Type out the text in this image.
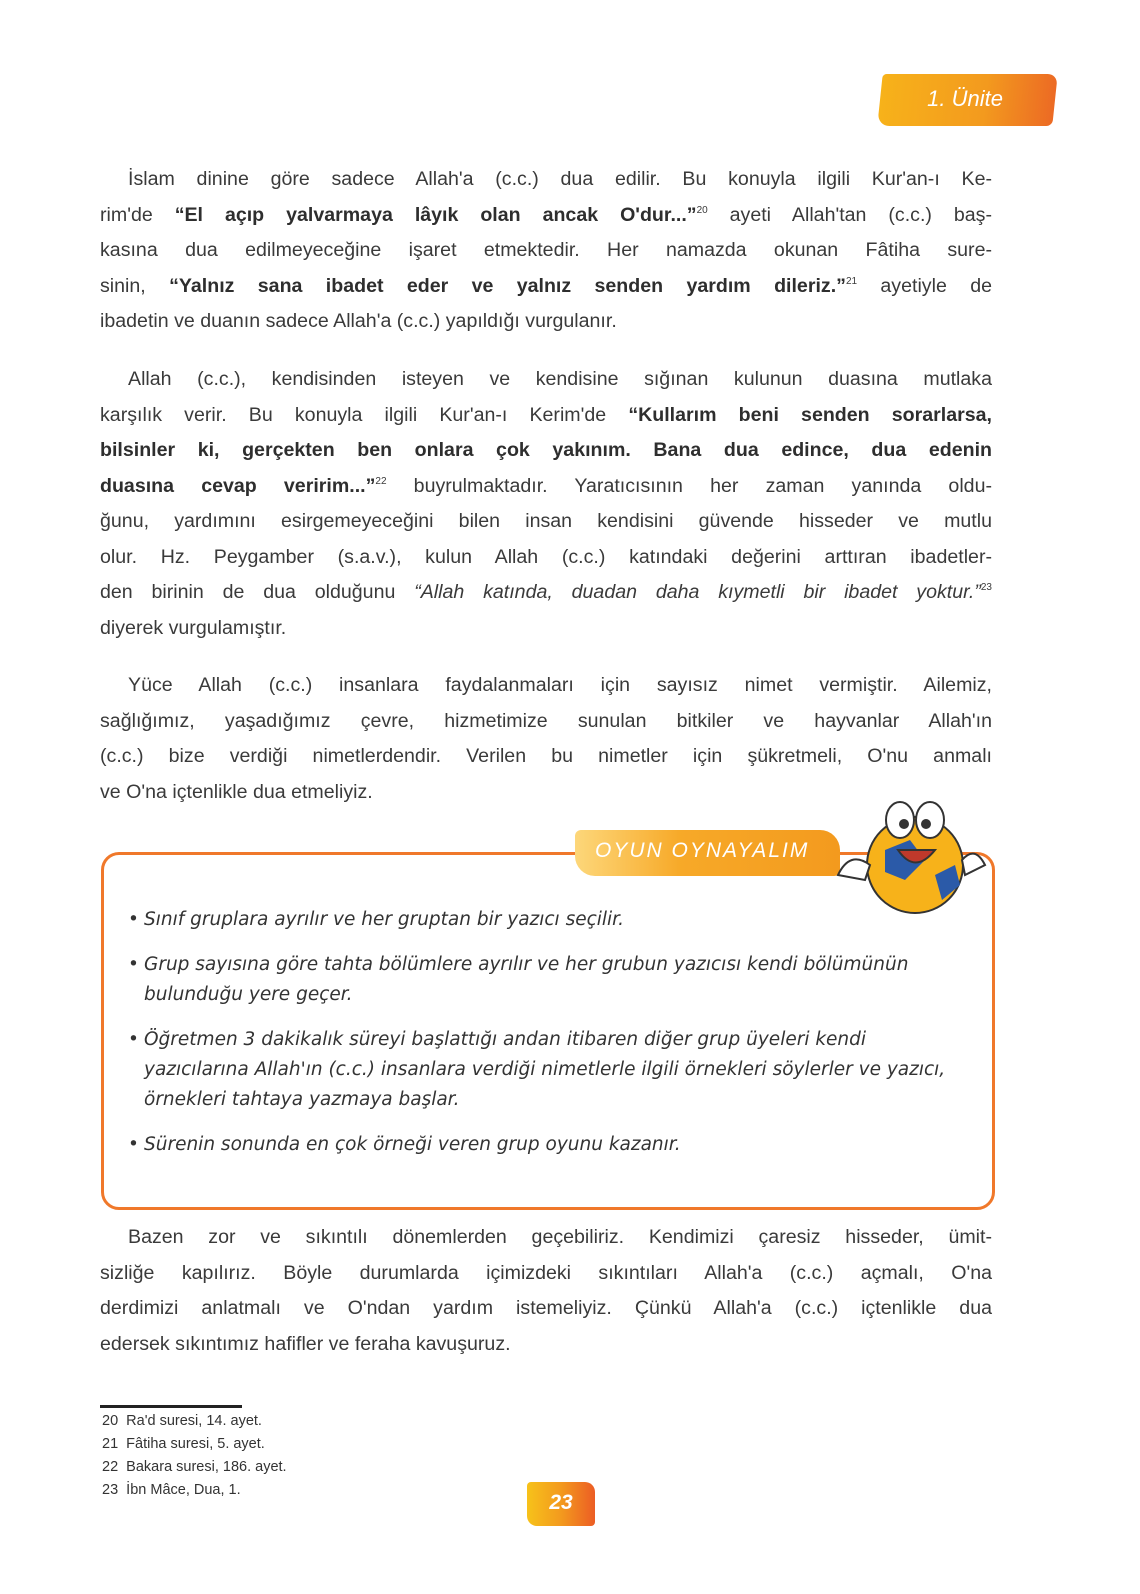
1. Ünite
İslam dinine göre sadece Allah'a (c.c.) dua edilir. Bu konuyla ilgili Kur'an-ı Ke-
rim'de “El açıp yalvarmaya lâyık olan ancak O'dur...”$^{20}$ ayeti Allah'tan (c.c.) baş-
kasına dua edilmeyeceğine işaret etmektedir. Her namazda okunan Fâtiha sure-
sinin, “Yalnız sana ibadet eder ve yalnız senden yardım dileriz.”$^{21}$ ayetiyle de
ibadetin ve duanın sadece Allah'a (c.c.) yapıldığı vurgulanır.
Allah (c.c.), kendisinden isteyen ve kendisine sığınan kulunun duasına mutlaka
karşılık verir. Bu konuyla ilgili Kur'an-ı Kerim'de “Kullarım beni senden sorarlarsa,
bilsinler ki, gerçekten ben onlara çok yakınım. Bana dua edince, dua edenin
duasına cevap veririm...”$^{22}$ buyrulmaktadır. Yaratıcısının her zaman yanında oldu-
ğunu, yardımını esirgemeyeceğini bilen insan kendisini güvende hisseder ve mutlu
olur. Hz. Peygamber (s.a.v.), kulun Allah (c.c.) katındaki değerini arttıran ibadetler-
den birinin de dua olduğunu “Allah katında, duadan daha kıymetli bir ibadet yoktur.”$^{23}$
diyerek vurgulamıştır.
Yüce Allah (c.c.) insanlara faydalanmaları için sayısız nimet vermiştir. Ailemiz,
sağlığımız, yaşadığımız çevre, hizmetimize sunulan bitkiler ve hayvanlar Allah'ın
(c.c.) bize verdiği nimetlerdendir. Verilen bu nimetler için şükretmeli, O'nu anmalı
ve O'na içtenlikle dua etmeliyiz.
OYUN OYNAYALIM
• Sınıf gruplara ayrılır ve her gruptan bir yazıcı seçilir.
• Grup sayısına göre tahta bölümlere ayrılır ve her grubun yazıcısı kendi bölümünün bulunduğu yere geçer.
• Öğretmen 3 dakikalık süreyi başlattığı andan itibaren diğer grup üyeleri kendi yazıcılarına Allah'ın (c.c.) insanlara verdiği nimetlerle ilgili örnekleri söylerler ve yazıcı, örnekleri tahtaya yazmaya başlar.
• Sürenin sonunda en çok örneği veren grup oyunu kazanır.
Bazen zor ve sıkıntılı dönemlerden geçebiliriz. Kendimizi çaresiz hisseder, ümit-
sizliğe kapılırız. Böyle durumlarda içimizdeki sıkıntıları Allah'a (c.c.) açmalı, O'na
derdimizi anlatmalı ve O'ndan yardım istemeliyiz. Çünkü Allah'a (c.c.) içtenlikle dua
edersek sıkıntımız hafifler ve feraha kavuşuruz.
20  Ra'd suresi, 14. ayet.
21  Fâtiha suresi, 5. ayet.
22  Bakara suresi, 186. ayet.
23  İbn Mâce, Dua, 1.
23
